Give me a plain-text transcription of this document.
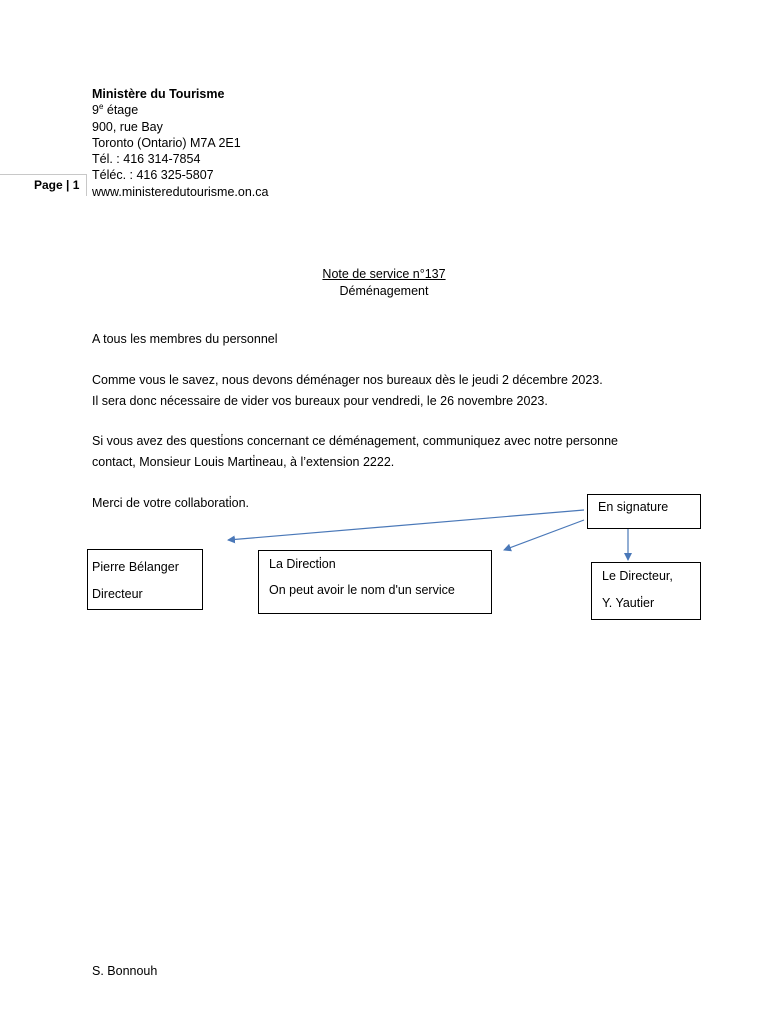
Page | 1
Ministère du Tourisme
9e étage
900, rue Bay
Toronto (Ontario) M7A 2E1
Tél. : 416 314-7854
Téléc. : 416 325-5807
www.ministeredutourisme.on.ca
Note de service n°137
Déménagement
A tous les membres du personnel
Comme vous le savez, nous devons déménager nos bureaux dès le jeudi 2 décembre 2023.
Il sera donc nécessaire de vider vos bureaux pour vendredi, le 26 novembre 2023.
Si vous avez des questi̇ons concernant ce déménagement, communiquez avec notre personne
contact, Monsieur Louis Marti̇neau, à l’extension 2222.
Merci de votre collaborati̇on.	En signature
Pierre Bélanger
Directeur
La Directi̇on
On peut avoir le nom d'un service
Le Directeur,
Y. Yauti̇er
S. Bonnouh
